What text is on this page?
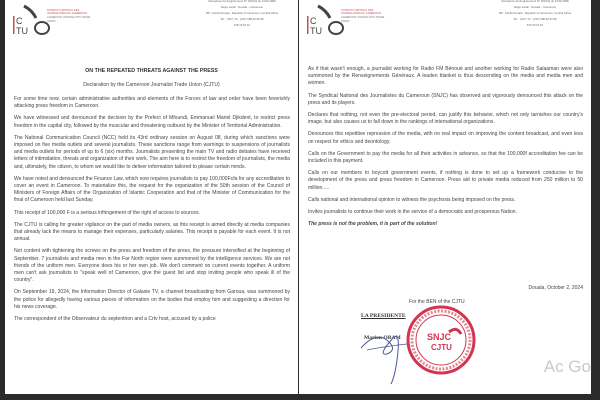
C
TU
SYNDICAT NATIONAL DES JOURNALISTES DU CAMEROUN
CAMEROON JOURNALISTS TRADE UNION
Récépissé d'enregistrement N° 000144 du 13/11/1998
Siège social : Douala – Cameroun
BP : 12120 Douala - Republic of Cameroon, Central Africa
Tel. : (237) 74 - (237) 698 42 00 96
678 40 01 51
ON THE REPEATED THREATS AGAINST THE PRESS
Declaration by the Cameroon Journalist Trade Union (CJTU)

For some time now, certain administrative authorities and elements of the Forces of law and order have been feverishly attacking press freedom in Cameroon.

We have witnessed and denounced the decision by the Prefect of Mfoundi, Emmanuel Mariel Djikdent, to restrict press freedom in the capital city, followed by the muscular and threatening outburst by the Minister of Territorial Administration.

The National Communication Council (NCC) held its 43rd ordinary session on August 08, during which sanctions were imposed on five media outlets and several journalists. These sanctions range from warnings to suspensions of journalists and media outlets for periods of up to 6 (six) months. Journalists presenting the main TV and radio debates have received letters of intimidation, threats and organization of their work. The aim here is to restrict the freedom of journalists, the media and, ultimately, the citizen, to whom we would like to deliver information tailored to please certain minds.

We have noted and denounced the Finance Law, which now requires journalists to pay 100,000Fcfa for any accreditation to cover an event in Cameroon. To materialize this, the request for the organization of the 50th session of the Council of Ministers of Foreign Affairs of the Organization of Islamic Cooperation and that of the Minister of Communication for the final of Cameroon held last Sunday.

This receipt of 100,000 F is a serious infringement of the right of access to sources.

The CJTU is calling for greater vigilance on the part of media owners, as this receipt is aimed directly at media companies that already lack the means to manage their expenses, particularly salaries. This receipt is payable for each event. It is not annual.

Not content with tightening the screws on the press and freedom of the press, the pressure intensified at the beginning of September. 7 journalists and media men in the Far North region were summoned by the intelligence services. We are not friends of the uniform men. Everyone does his or her own job. We don't comment on current events together. A uniform men can't ask journalists to "speak well of Cameroon, give the guest list and stop inviting people who speak ill of the country".

On September 19, 2024, the Information Director of Galaxie TV, a channel broadcasting from Garoua, was summoned by the police for allegedly having various pieces of information on the bodies that employ him and suggesting a direction for his news coverage.

The correspondent of the Observateur du septentrion and a Crtv host, accused by a police

C
TU
SYNDICAT NATIONAL DES JOURNALISTES DU CAMEROUN
CAMEROON JOURNALISTS TRADE UNION
Récépissé d'enregistrement N° 000144 du 13/11/1998
Siège social : Douala – Cameroun
BP : 12120 Douala - Republic of Cameroon, Central Africa
Tel. : (237) 74 - (237) 698 42 00 96
678 40 01 51

As if that wasn't enough, a journalist working for Radio FM Bénoué and another working for Radio Salaaman were also summoned by the Renseignements Généraux. A leaden blanket is thus descending on the media and media men and women.

The Syndicat National des Journalistes du Cameroun (SNJC) has observed and vigorously denounced this attack on the press and its players.

Declares that nothing, not even the pre-electoral period, can justify this behavior, which not only tarnishes our country's image, but also causes us to fall down in the rankings of international organizations.

Denounces this repetitive repression of the media, with no real impact on improving the content broadcast, and even less on respect for ethics and deontology.

Calls on the Government to pay the media for all their activities in advance, so that the 100,000f accreditation fee can be included in this payment.

Calls on our members to boycott government events, if nothing is done to set up a framework conducive to the development of the press and press freedom in Cameroon. Press aid to private media reduced from 250 million to 50 million.....

Calls national and international opinion to witness the psychosis being imposed on the press.

Invites journalists to continue their work in the service of a democratic and prosperous Nation.

The press is not the problem, it is part of the solution!

Douala, October 2, 2024
For the BEN of the CJTU
LA PRESIDENTE
Marion OBAM	SNJC
CJTU
Ac Go
